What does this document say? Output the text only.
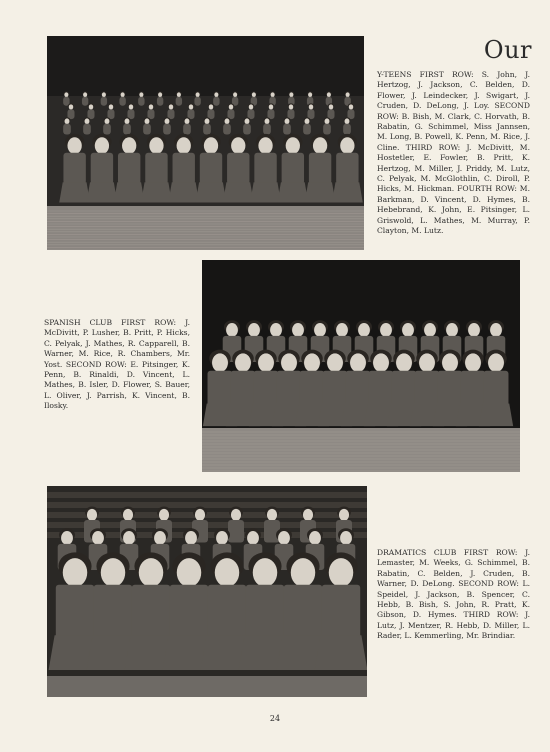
Our
Y-TEENS FIRST ROW: S. John, J. Hertzog, J. Jackson, C. Belden, D. Flower, J. Leindecker, J. Swigart, J. Cruden, D. DeLong, J. Loy. SECOND ROW: B. Bish, M. Clark, C. Horvath, B. Rabatin, G. Schimmel, Miss Jannsen, M. Long, B. Powell, K. Penn, M. Rice, J. Cline. THIRD ROW: J. McDivitt, M. Hostetler, E. Fowler, B. Pritt, K. Hertzog, M. Miller, J. Priddy, M. Lutz, C. Pelyak, M. McGlothlin, C. Diroll, P. Hicks, M. Hickman. FOURTH ROW: M. Barkman, D. Vincent, D. Hymes, B. Hebebrand, K. John, E. Pitsinger, L. Griswold, L. Mathes, M. Murray, P. Clayton, M. Lutz.
SPANISH CLUB FIRST ROW: J. McDivitt, P. Lusher, B. Pritt, P. Hicks, C. Pelyak, J. Mathes, R. Capparell, B. Warner, M. Rice, R. Chambers, Mr. Yost. SECOND ROW: E. Pitsinger, K. Penn, B. Rinaldi, D. Vincent, L. Mathes, B. Isler, D. Flower, S. Bauer, L. Oliver, J. Parrish, K. Vincent, B. Ilosky.
DRAMATICS CLUB FIRST ROW: J. Lemaster, M. Weeks, G. Schimmel, B. Rabatin, C. Belden, J. Cruden, B. Warner, D. DeLong. SECOND ROW: L. Speidel, J. Jackson, B. Spencer, C. Hebb, B. Bish, S. John, R. Pratt, K. Gibson, D. Hymes. THIRD ROW: J. Lutz, J. Mentzer, R. Hebb, D. Miller, L. Rader, L. Kemmerling, Mr. Brindiar.
24
